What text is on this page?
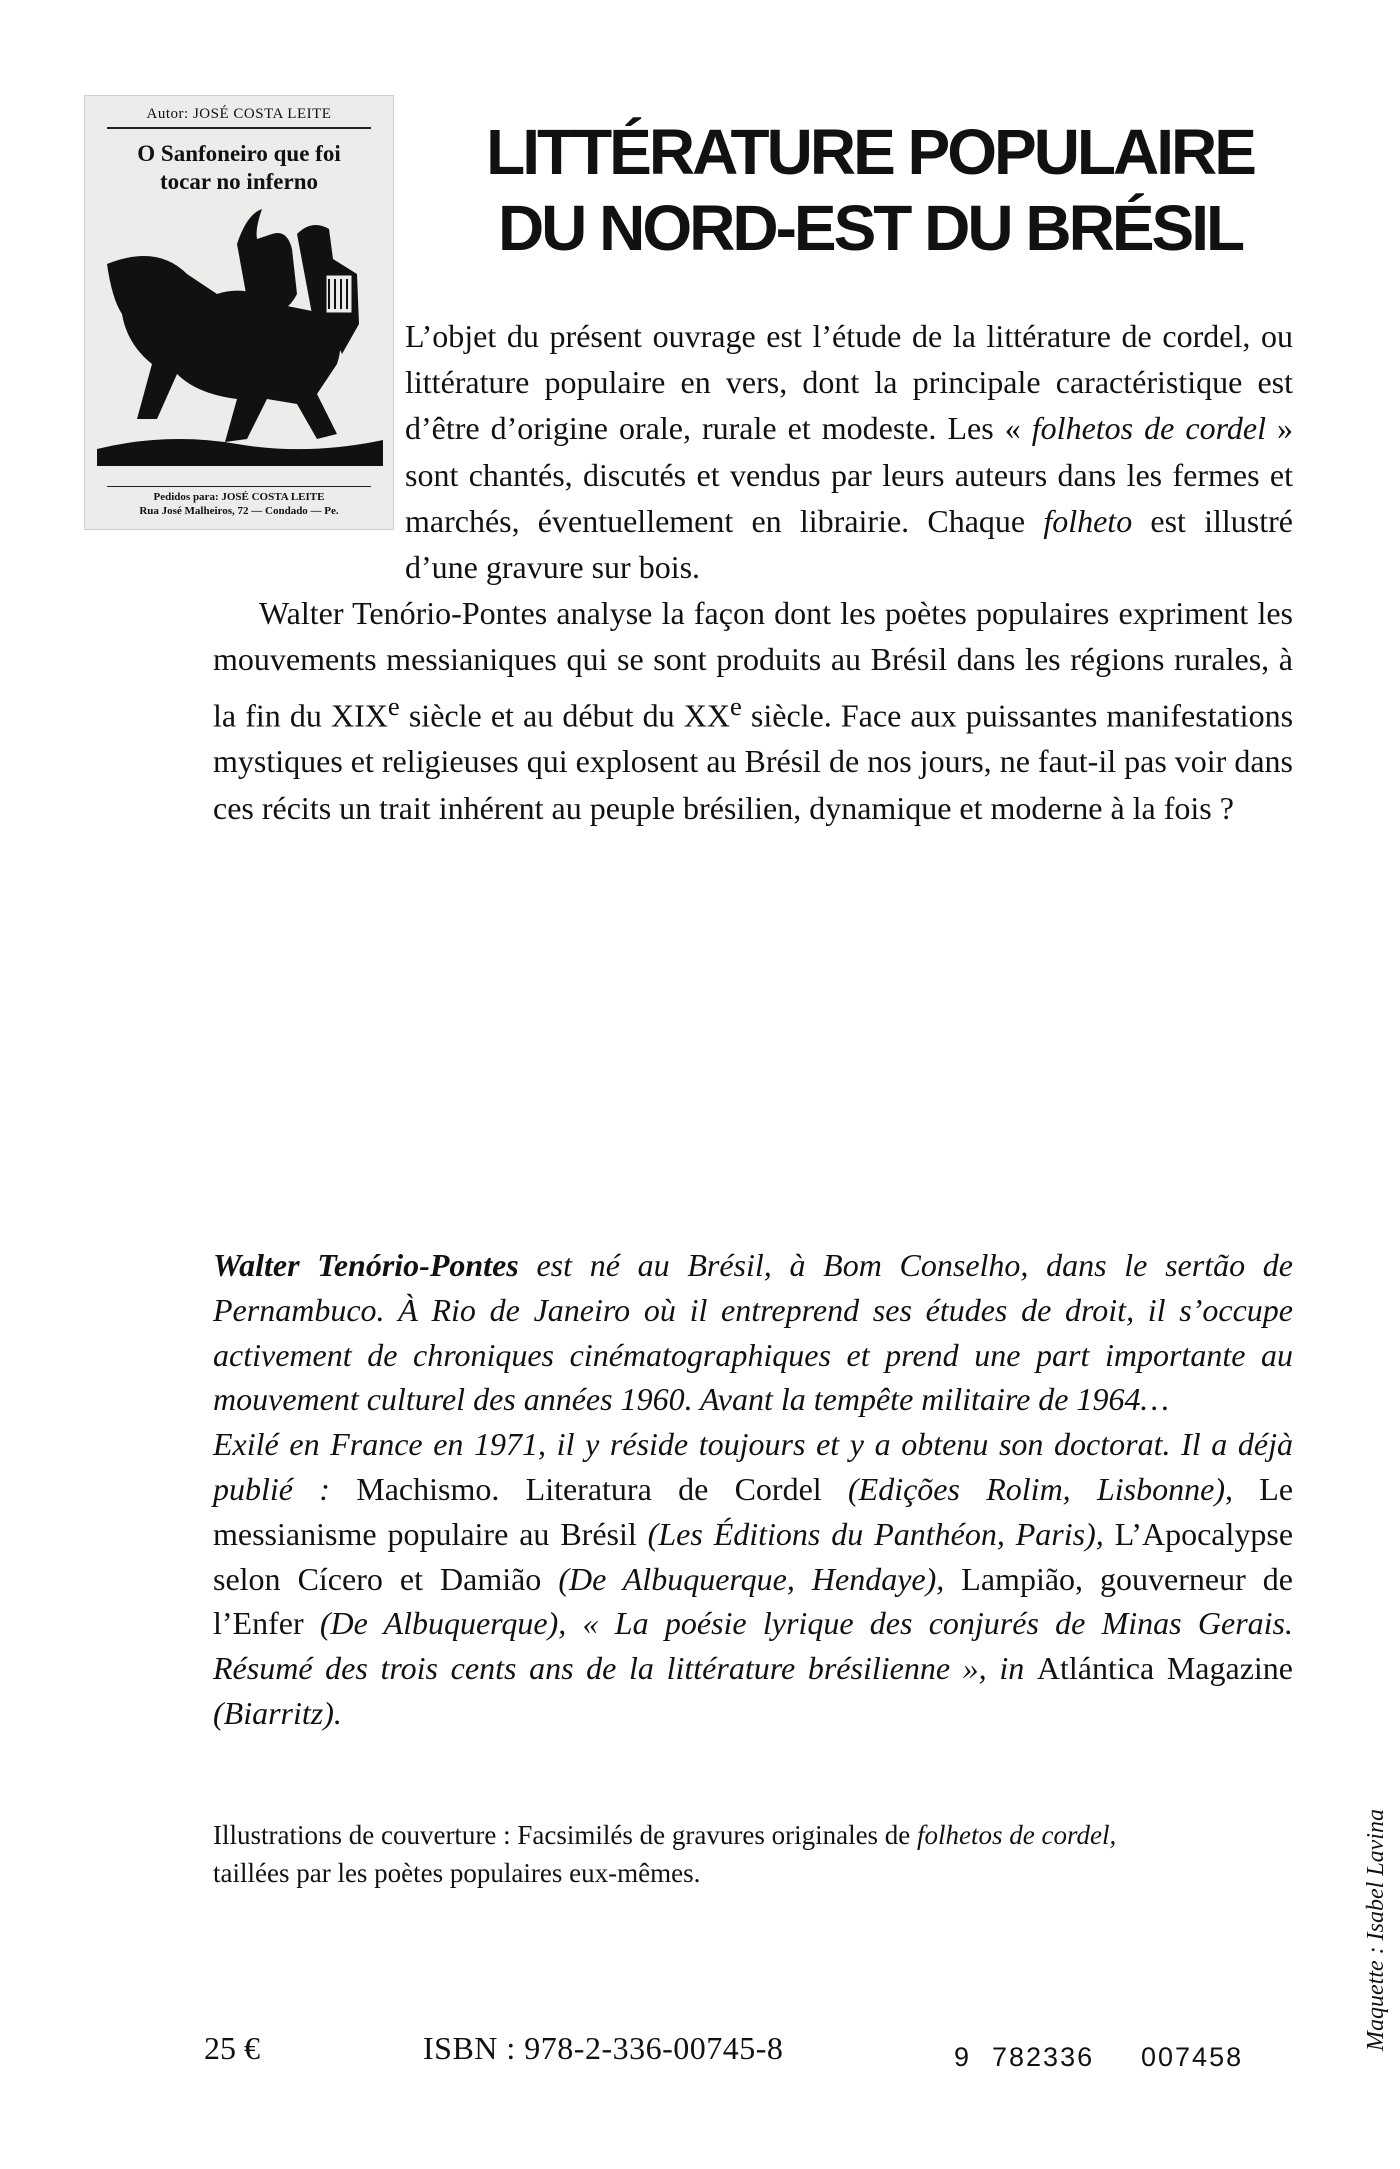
Autor: JOSÉ COSTA LEITE
O Sanfoneiro que foi
tocar no inferno
Pedidos para: JOSÉ COSTA LEITE
Rua José Malheiros, 72 — Condado — Pe.
LITTÉRATURE POPULAIRE
DU NORD-EST DU BRÉSIL

L’objet du présent ouvrage est l’étude de la littérature de cordel, ou littérature populaire en vers, dont la principale caractéristique est d’être d’origine orale, rurale et modeste. Les « folhetos de cordel » sont chantés, discutés et vendus par leurs auteurs dans les fermes et marchés, éventuellement en librairie. Chaque folheto est illustré d’une gravure sur bois.

Walter Tenório-Pontes analyse la façon dont les poètes populaires expriment les mouvements messianiques qui se sont produits au Brésil dans les régions rurales, à la fin du XIXe siècle et au début du XXe siècle. Face aux puissantes manifestations mystiques et religieuses qui explosent au Brésil de nos jours, ne faut-il pas voir dans ces récits un trait inhérent au peuple brésilien, dynamique et moderne à la fois ?

Walter Tenório-Pontes est né au Brésil, à Bom Conselho, dans le sertão de Pernambuco. À Rio de Janeiro où il entreprend ses études de droit, il s’occupe activement de chroniques cinématographiques et prend une part importante au mouvement culturel des années 1960. Avant la tempête militaire de 1964…

Exilé en France en 1971, il y réside toujours et y a obtenu son doctorat. Il a déjà publié : Machismo. Literatura de Cordel (Edições Rolim, Lisbonne), Le messianisme populaire au Brésil (Les Éditions du Panthéon, Paris), L’Apocalypse selon Cícero et Damião (De Albuquerque, Hendaye), Lampião, gouverneur de l’Enfer (De Albuquerque), « La poésie lyrique des conjurés de Minas Gerais. Résumé des trois cents ans de la littérature brésilienne », in Atlántica Magazine (Biarritz).

Illustrations de couverture : Facsimilés de gravures originales de folhetos de cordel,

taillées par les poètes populaires eux-mêmes.	Maquette : Isabel Lavina
25 €	ISBN : 978-2-336-00745-8	9 782336 007458
